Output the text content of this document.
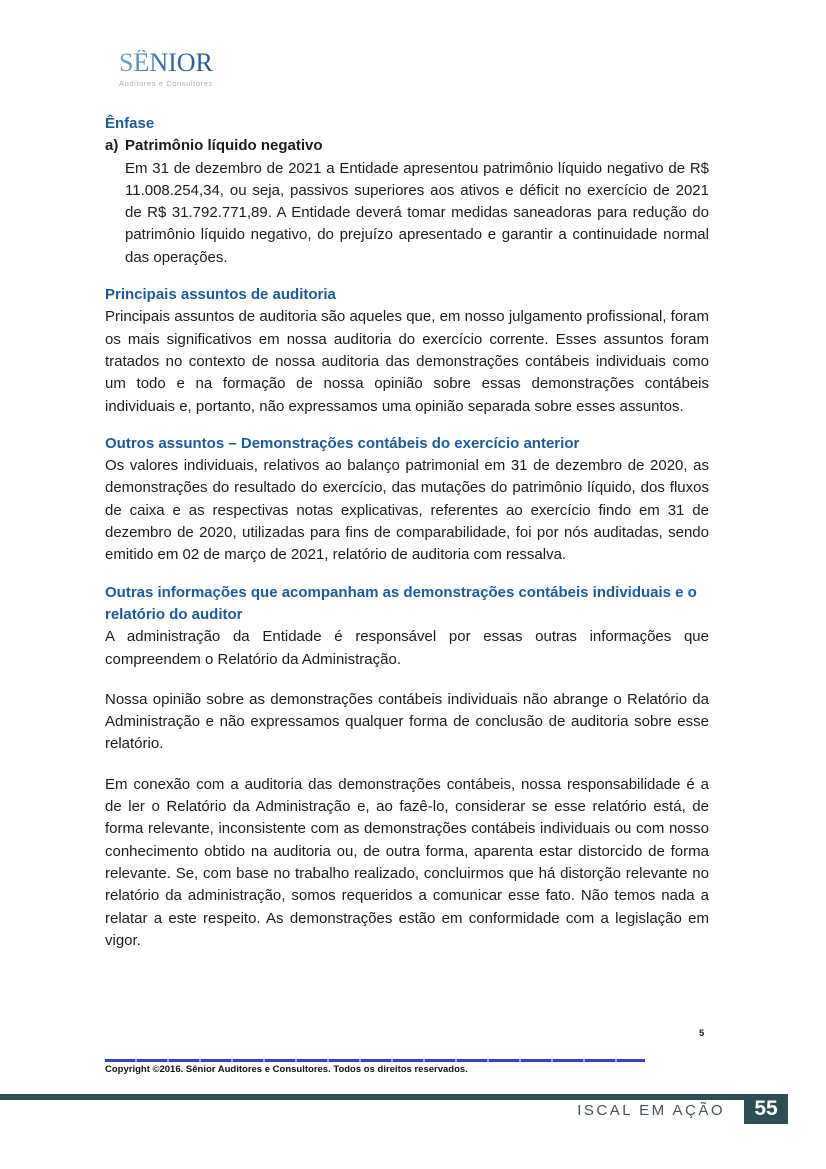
SÊNIOR
Auditores e Consultores
Ênfase
a) Patrimônio líquido negativo

Em 31 de dezembro de 2021 a Entidade apresentou patrimônio líquido negativo de R$ 11.008.254,34, ou seja, passivos superiores aos ativos e déficit no exercício de 2021 de R$ 31.792.771,89. A Entidade deverá tomar medidas saneadoras para redução do patrimônio líquido negativo, do prejuízo apresentado e garantir a continuidade normal das operações.

Principais assuntos de auditoria

Principais assuntos de auditoria são aqueles que, em nosso julgamento profissional, foram os mais significativos em nossa auditoria do exercício corrente. Esses assuntos foram tratados no contexto de nossa auditoria das demonstrações contábeis individuais como um todo e na formação de nossa opinião sobre essas demonstrações contábeis individuais e, portanto, não expressamos uma opinião separada sobre esses assuntos.

Outros assuntos – Demonstrações contábeis do exercício anterior

Os valores individuais, relativos ao balanço patrimonial em 31 de dezembro de 2020, as demonstrações do resultado do exercício, das mutações do patrimônio líquido, dos fluxos de caixa e as respectivas notas explicativas, referentes ao exercício findo em 31 de dezembro de 2020, utilizadas para fins de comparabilidade, foi por nós auditadas, sendo emitido em 02 de março de 2021, relatório de auditoria com ressalva.

Outras informações que acompanham as demonstrações contábeis individuais e o relatório do auditor

A administração da Entidade é responsável por essas outras informações que compreendem o Relatório da Administração.

Nossa opinião sobre as demonstrações contábeis individuais não abrange o Relatório da Administração e não expressamos qualquer forma de conclusão de auditoria sobre esse relatório.

Em conexão com a auditoria das demonstrações contábeis, nossa responsabilidade é a de ler o Relatório da Administração e, ao fazê-lo, considerar se esse relatório está, de forma relevante, inconsistente com as demonstrações contábeis individuais ou com nosso conhecimento obtido na auditoria ou, de outra forma, aparenta estar distorcido de forma relevante. Se, com base no trabalho realizado, concluirmos que há distorção relevante no relatório da administração, somos requeridos a comunicar esse fato. Não temos nada a relatar a este respeito. As demonstrações estão em conformidade com a legislação em vigor.

5
Copyright ©2016. Sênior Auditores e Consultores. Todos os direitos reservados.
ISCAL EM AÇÃO	55
